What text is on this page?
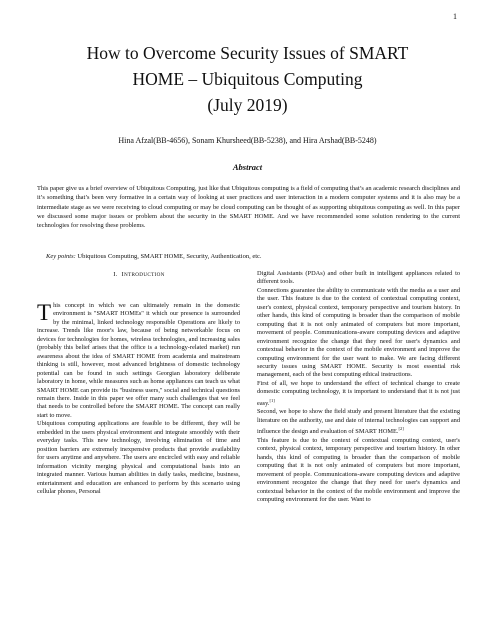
1
How to Overcome Security Issues of SMART
HOME – Ubiquitous Computing
(July 2019)
Hina Afzal(BB-4656), Sonam Khursheed(BB-5238), and Hira Arshad(BB-5248)
Abstract
This paper give us a brief overview of Ubiquitous Computing, just like that Ubiquitous computing is a field of computing that’s an academic research disciplines and it’s something that’s been very formative in a certain way of looking at user practices and user interaction in a modern computer systems and it is also may be a intermediate stage as we were receiving to cloud computing or may be cloud computing can be thought of as supporting ubiquitous computing as well. In this paper we discussed some major issues or problem about the security in the SMART HOME. And we have recommended some solution rendering to the current technologies for resolving these problems.
Key points: Ubiquitous Computing, SMART HOME, Security, Authentication, etc.
I. INTRODUCTION

This concept in which we can ultimately remain in the domestic environment is "SMART HOMEs" it which our presence is surrounded by the minimal, linked technology responsible Operations are likely to increase. Trends like moor's law, because of being networkable focus on devices for technologies for homes, wireless technologies, and increasing sales (probably this belief arises that the office is a technology-related market) run awareness about the idea of SMART HOME from academia and mainstream thinking is still, however, most advanced brightness of domestic technology potential can be found in such settings Georgian laboratory deliberate laboratory in home, while measures such as home appliances can teach us what SMART HOME can provide its "business users," social and technical questions remain there. Inside in this paper we offer many such challenges that we feel that needs to be controlled before the SMART HOME. The concept can really start to move.

Ubiquitous computing applications are feasible to be different, they will be embedded in the users physical environment and integrate smoothly with their everyday tasks. This new technology, involving elimination of time and position barriers are extremely inexpensive products that provide availability for users anytime and anywhere. The users are encircled with easy and reliable information vicinity merging physical and computational basis into an integrated manner. Various human abilities in daily tasks, medicine, business, entertainment and education are enhanced to perform by this scenario using cellular phones, Personal

Digital Assistants (PDAs) and other built in intelligent appliances related to different tools.

Connections guarantee the ability to communicate with the media as a user and the user. This feature is due to the context of contextual computing context, user's context, physical context, temporary perspective and tourism history. In other hands, this kind of computing is broader than the comparison of mobile computing that it is not only animated of computers but more important, movement of people. Communications-aware computing devices and adaptive environment recognize the change that they need for user's dynamics and contextual behavior in the context of the mobile environment and improve the computing environment for the user want to make. We are facing different security issues using SMART HOME. Security is most essential risk management, each of the best computing ethical instructions.

First of all, we hope to understand the effect of technical change to create domestic computing technology, it is important to understand that it is not just easy.[1]

Second, we hope to show the field study and present literature that the existing literature on the authority, use and date of internal technologies can support and influence the design and evaluation of SMART HOME.[2]

This feature is due to the context of contextual computing context, user's context, physical context, temporary perspective and tourism history. In other hands, this kind of computing is broader than the comparison of mobile computing that it is not only animated of computers but more important, movement of people. Communications-aware computing devices and adaptive environment recognize the change that they need for user's dynamics and contextual behavior in the context of the mobile environment and improve the computing environment for the user. Want to
